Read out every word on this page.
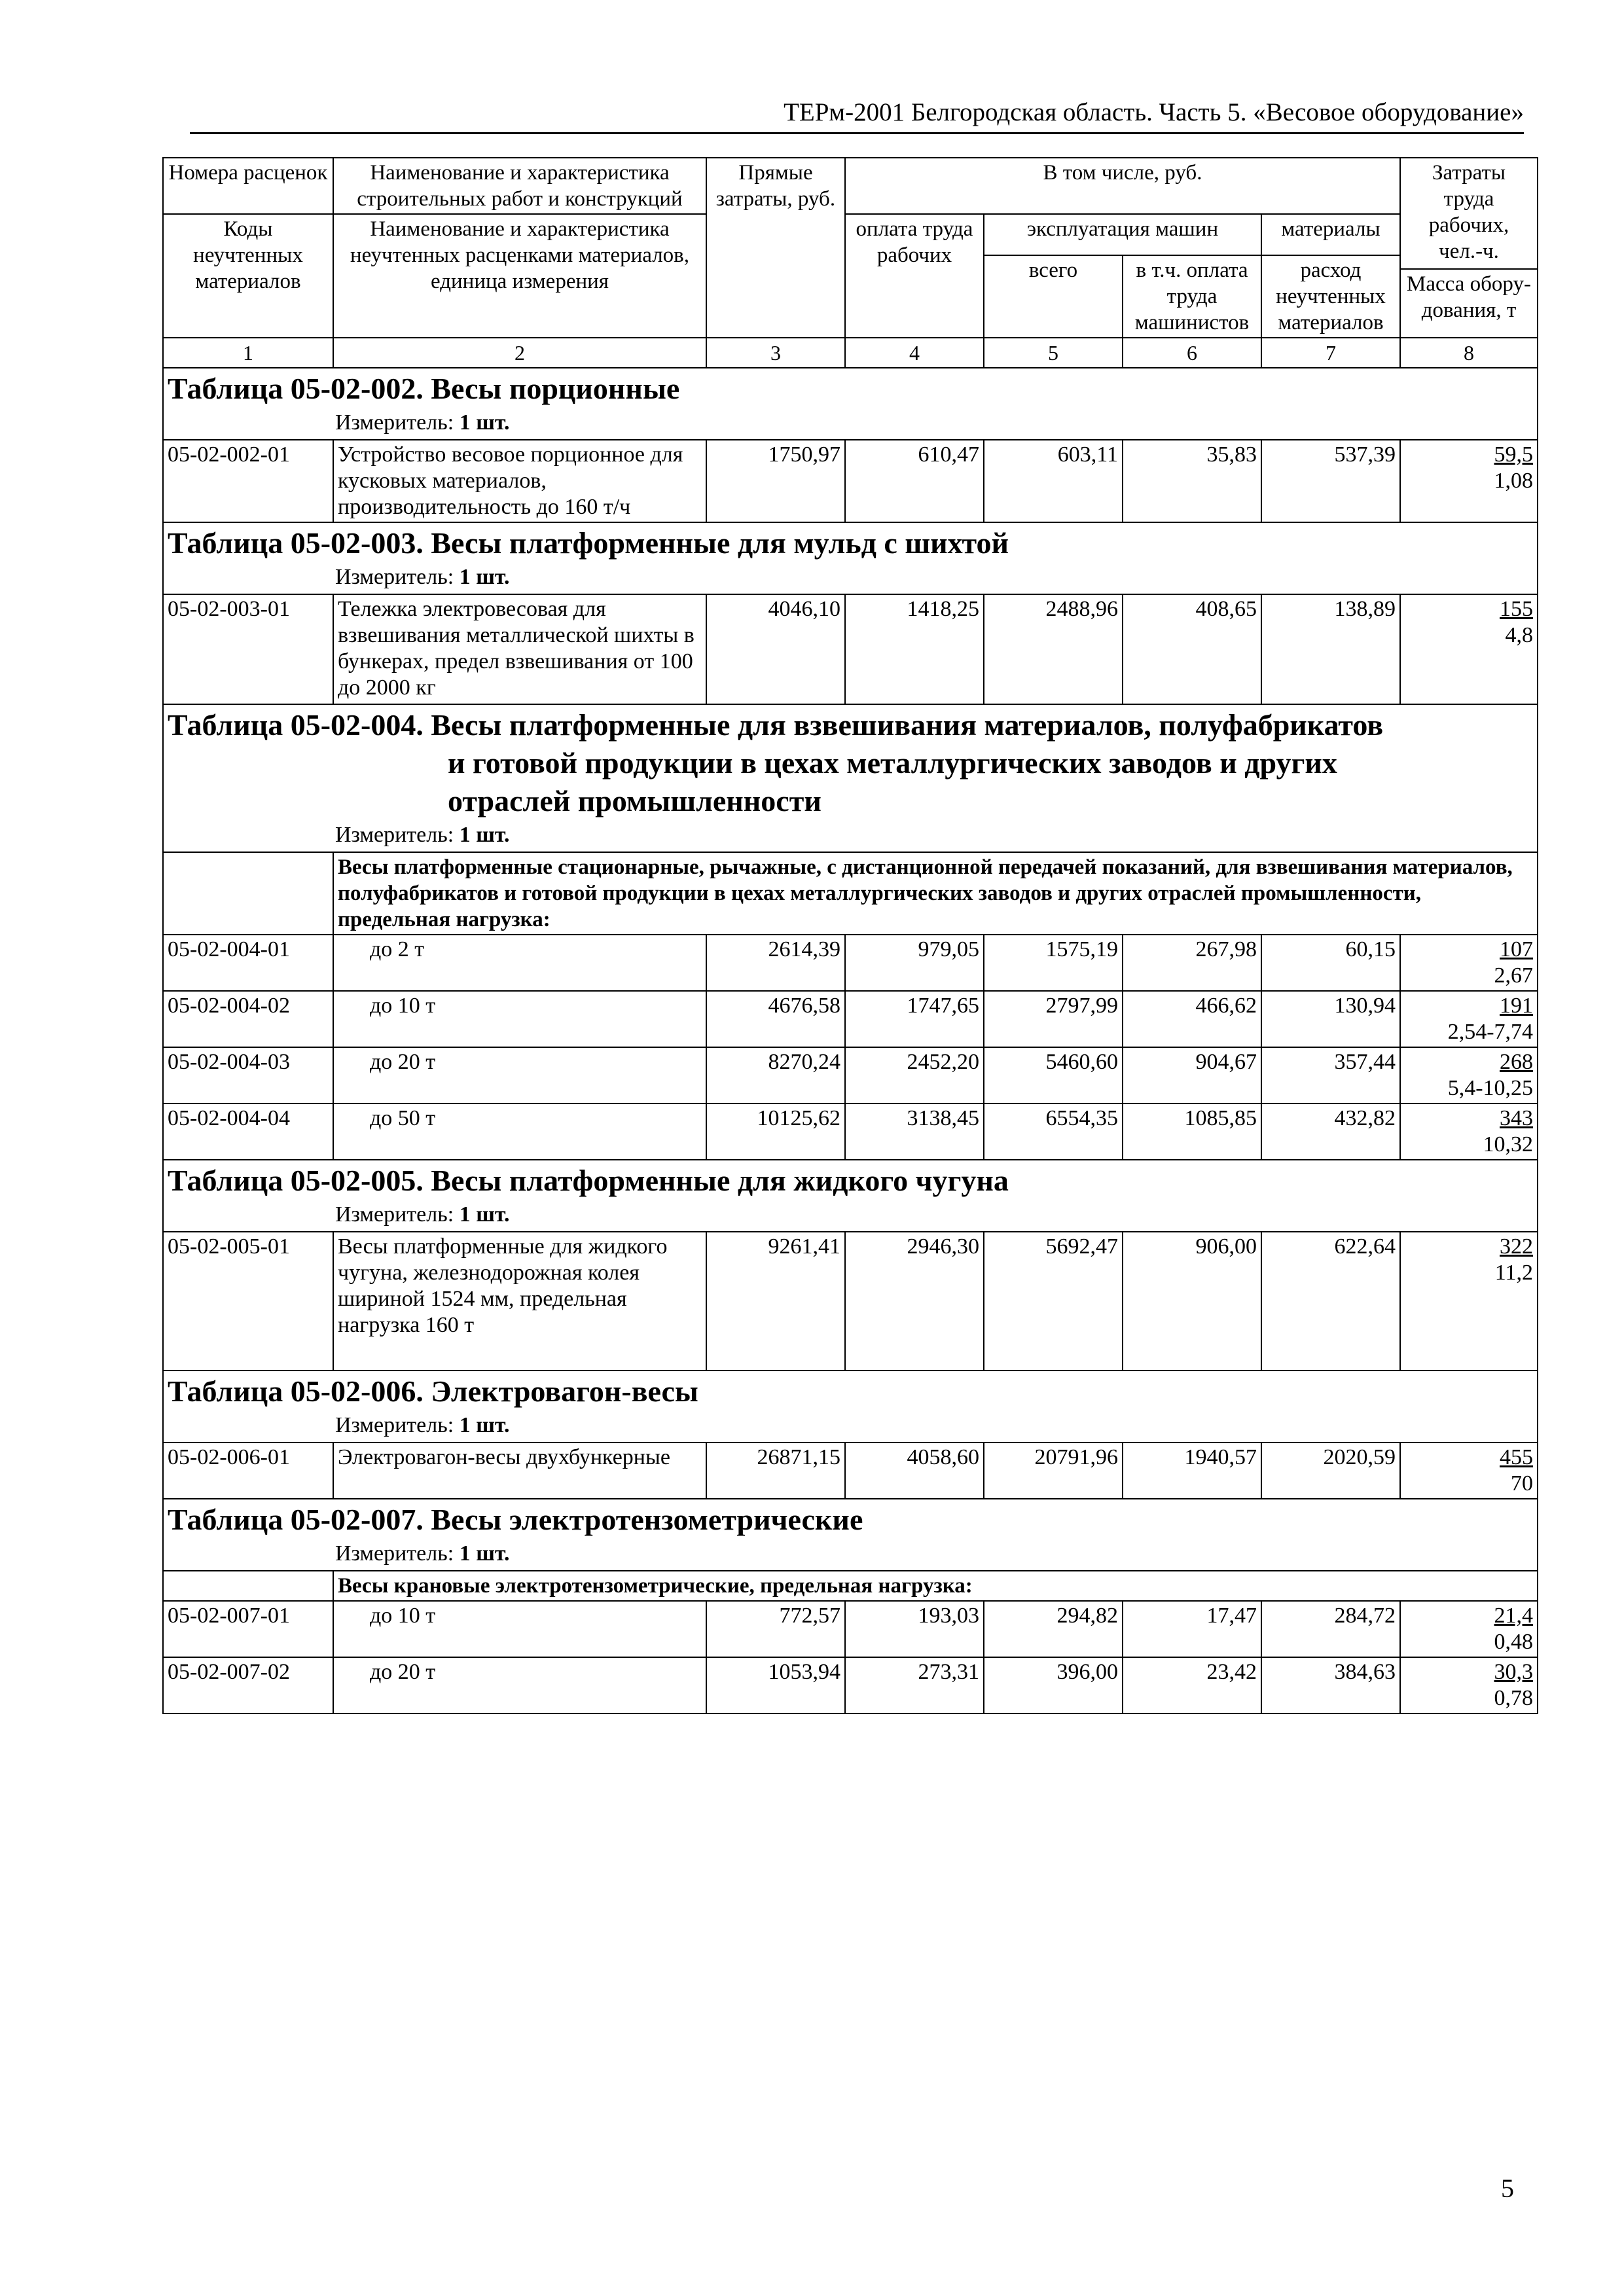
ТЕРм-2001 Белгородская область. Часть 5. «Весовое оборудование»
Номера расценок	Наименование и характеристика строительных работ и конструкций	Прямые затраты, руб.	В том числе, руб.				Затраты труда рабочих, чел.-ч.
Коды неучтенных материалов	Наименование и характеристика неучтенных расценками материалов, единица измерения		оплата труда рабочих	эксплуатация машин		материалы	
				всего	в т.ч. оплата труда машинистов	расход неучтенных материалов	
							Масса обору-дования, т
1	2	3	4	5	6	7	8

Таблица 05-02-002. Весы порционные
Измеритель: 1 шт.							

05-02-002-01	Устройство весовое порционное для кусковых материалов, производительность до 160 т/ч	1750,97	610,47	603,11	35,83	537,39	59,5
1,08

Таблица 05-02-003. Весы платформенные для мульд с шихтой
Измеритель: 1 шт.							

05-02-003-01	Тележка электровесовая для взвешивания металлической шихты в бункерах, предел взвешивания от 100 до 2000 кг	4046,10	1418,25	2488,96	408,65	138,89	155
4,8

Таблица 05-02-004. Весы платформенные для взвешивания материалов, полуфабрикатов
и готовой продукции в цехах металлургических заводов и других
отраслей промышленности
Измеритель: 1 шт.							

	Весы платформенные стационарные, рычажные, с дистанционной передачей показаний, для взвешивания материалов, полуфабрикатов и готовой продукции в цехах металлургических заводов и других отраслей промышленности, предельная нагрузка:						
05-02-004-01	до 2 т	2614,39	979,05	1575,19	267,98	60,15	107
2,67

05-02-004-02	до 10 т	4676,58	1747,65	2797,99	466,62	130,94	191
2,54-7,74

05-02-004-03	до 20 т	8270,24	2452,20	5460,60	904,67	357,44	268
5,4-10,25

05-02-004-04	до 50 т	10125,62	3138,45	6554,35	1085,85	432,82	343
10,32

Таблица 05-02-005. Весы платформенные для жидкого чугуна
Измеритель: 1 шт.							

05-02-005-01	Весы платформенные для жидкого чугуна, железнодорожная колея шириной 1524 мм, предельная нагрузка 160 т	9261,41	2946,30	5692,47	906,00	622,64	322
11,2

Таблица 05-02-006. Электровагон-весы
Измеритель: 1 шт.							

05-02-006-01	Электровагон-весы двухбункерные	26871,15	4058,60	20791,96	1940,57	2020,59	455
70

Таблица 05-02-007. Весы электротензометрические
Измеритель: 1 шт.							

	Весы крановые электротензометрические, предельная нагрузка:						
05-02-007-01	до 10 т	772,57	193,03	294,82	17,47	284,72	21,4
0,48

05-02-007-02	до 20 т	1053,94	273,31	396,00	23,42	384,63	30,3
0,78
5
